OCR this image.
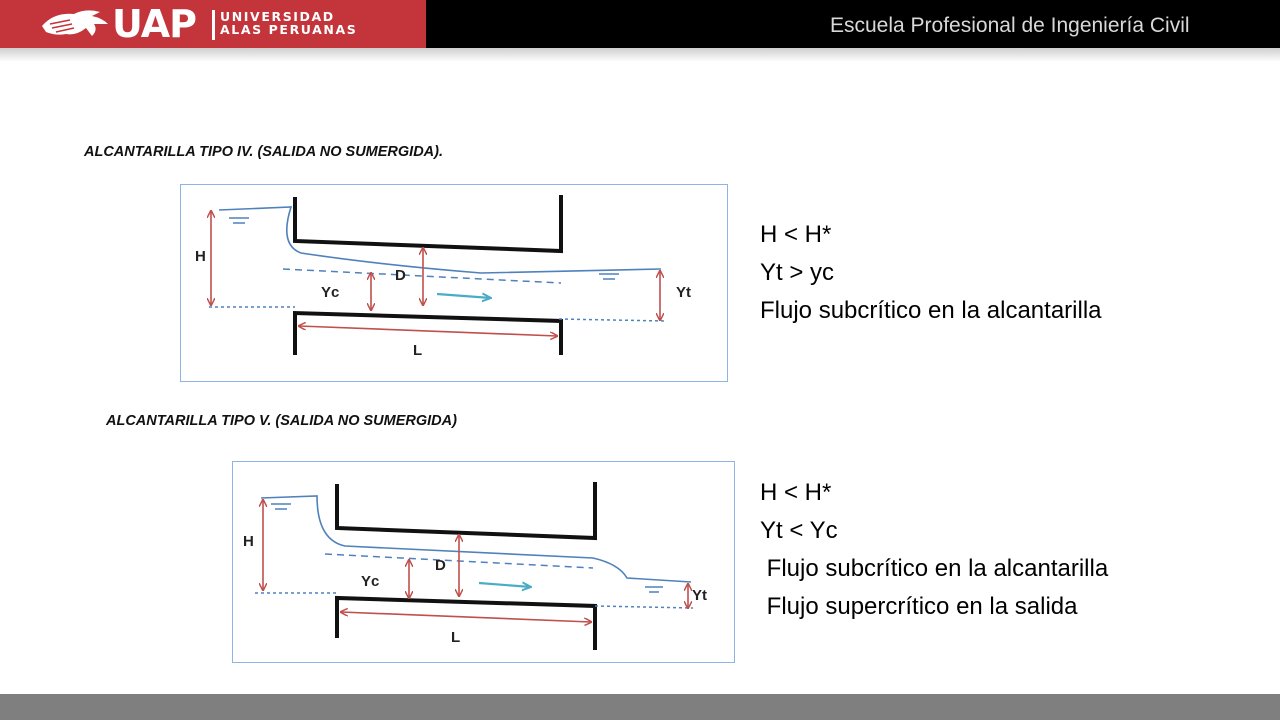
UAP UNIVERSIDAD
ALAS PERUANAS	Escuela Profesional de Ingeniería Civil
ALCANTARILLA TIPO IV. (SALIDA NO SUMERGIDA).
H
D
Yc	Yt
L
H < H*
Yt > yc
Flujo subcrítico en la alcantarilla
ALCANTARILLA TIPO V. (SALIDA NO SUMERGIDA)
H
D
Yc
Yt
L
H < H*
Yt < Yc
Flujo subcrítico en la alcantarilla
Flujo supercrítico en la salida
